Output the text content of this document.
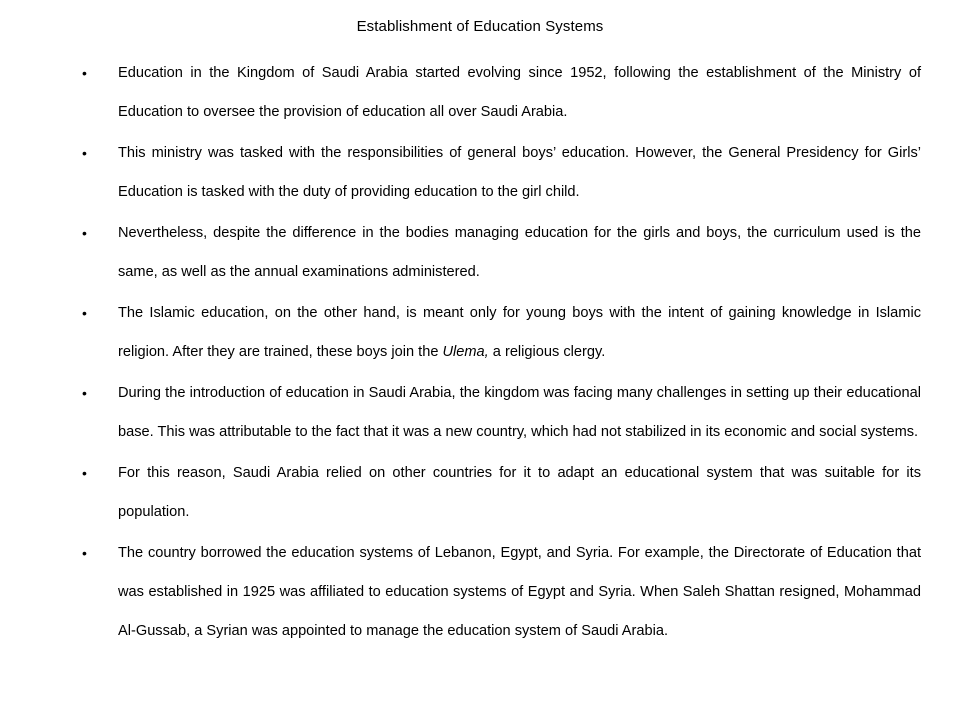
Establishment of Education Systems
• Education in the Kingdom of Saudi Arabia started evolving since 1952, following the establishment of the Ministry of Education to oversee the provision of education all over Saudi Arabia.
• This ministry was tasked with the responsibilities of general boys’ education. However, the General Presidency for Girls’ Education is tasked with the duty of providing education to the girl child.
• Nevertheless, despite the difference in the bodies managing education for the girls and boys, the curriculum used is the same, as well as the annual examinations administered.
• The Islamic education, on the other hand, is meant only for young boys with the intent of gaining knowledge in Islamic religion. After they are trained, these boys join the Ulema, a religious clergy.
• During the introduction of education in Saudi Arabia, the kingdom was facing many challenges in setting up their educational base. This was attributable to the fact that it was a new country, which had not stabilized in its economic and social systems.
• For this reason, Saudi Arabia relied on other countries for it to adapt an educational system that was suitable for its population.
• The country borrowed the education systems of Lebanon, Egypt, and Syria. For example, the Directorate of Education that was established in 1925 was affiliated to education systems of Egypt and Syria. When Saleh Shattan resigned, Mohammad Al-Gussab, a Syrian was appointed to manage the education system of Saudi Arabia.
